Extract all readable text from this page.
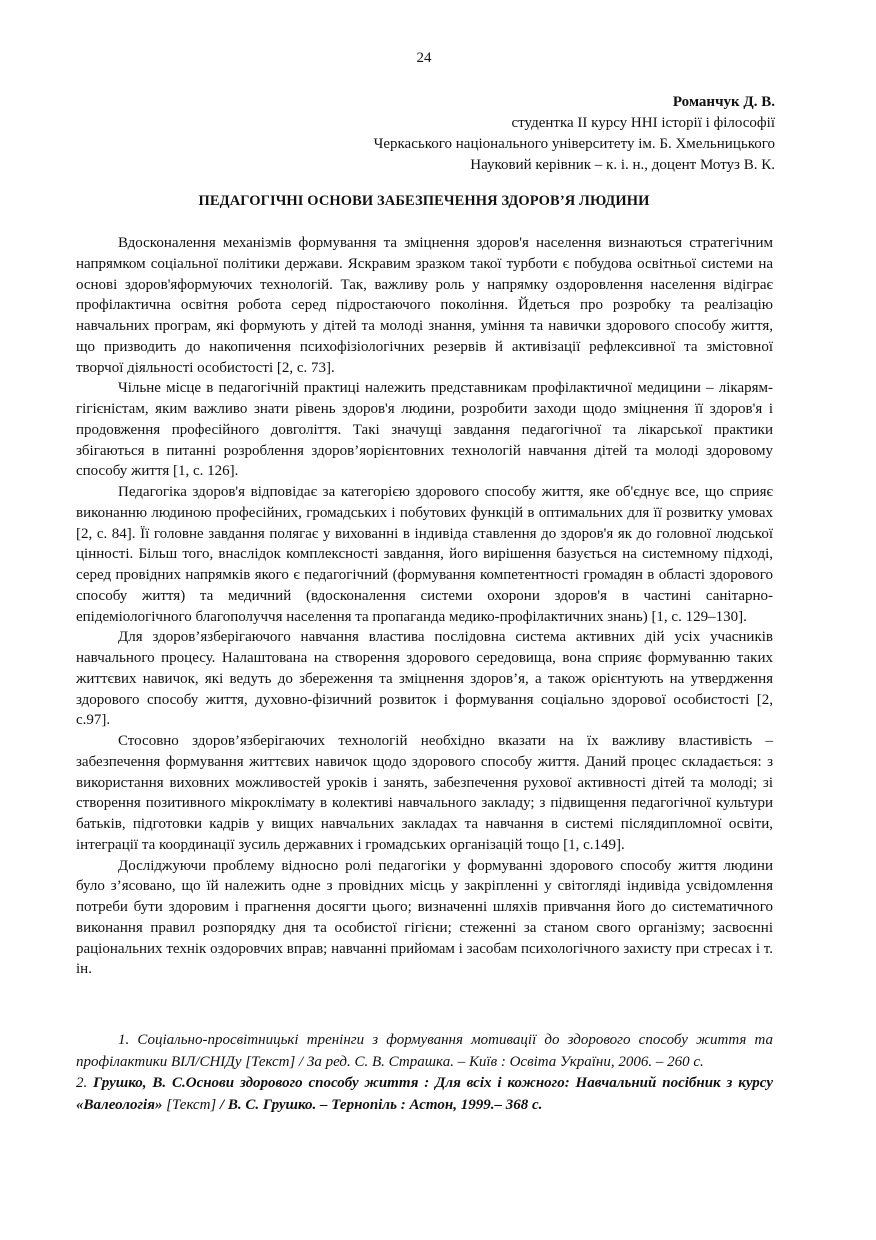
24
Романчук Д. В.
студентка ІІ курсу ННІ історії і філософії
Черкаського національного університету ім. Б. Хмельницького
Науковий керівник – к. і. н., доцент Мотуз В. К.
ПЕДАГОГІЧНІ ОСНОВИ ЗАБЕЗПЕЧЕННЯ ЗДОРОВ’Я ЛЮДИНИ

Вдосконалення механізмів формування та зміцнення здоров'я населення визнаються стратегічним напрямком соціальної політики держави. Яскравим зразком такої турботи є побудова освітньої системи на основі здоров'яформуючих технологій. Так, важливу роль у напрямку оздоровлення населення відіграє профілактична освітня робота серед підростаючого покоління. Йдеться про розробку та реалізацію навчальних програм, які формують у дітей та молоді знання, уміння та навички здорового способу життя, що призводить до накопичення психофізіологічних резервів й активізації рефлексивної та змістовної творчої діяльності особистості [2, с. 73].

Чільне місце в педагогічній практиці належить представникам профілактичної медицини – лікарям-гігієністам, яким важливо знати рівень здоров'я людини, розробити заходи щодо зміцнення її здоров'я і продовження професійного довголіття. Такі значущі завдання педагогічної та лікарської практики збігаються в питанні розроблення здоров’яорієнтовних технологій навчання дітей та молоді здоровому способу життя [1, с. 126].

Педагогіка здоров'я відповідає за категорією здорового способу життя, яке об'єднує все, що сприяє виконанню людиною професійних, громадських і побутових функцій в оптимальних для її розвитку умовах [2, с. 84]. Її головне завдання полягає у вихованні в індивіда ставлення до здоров'я як до головної людської цінності. Більш того, внаслідок комплексності завдання, його вирішення базується на системному підході, серед провідних напрямків якого є педагогічний (формування компетентності громадян в області здорового способу життя) та медичний (вдосконалення системи охорони здоров'я в частині санітарно-епідеміологічного благополуччя населення та пропаганда медико-профілактичних знань) [1, с. 129–130].

Для здоров’язберігаючого навчання властива послідовна система активних дій усіх учасників навчального процесу. Налаштована на створення здорового середовища, вона сприяє формуванню таких життєвих навичок, які ведуть до збереження та зміцнення здоров’я, а також орієнтують на утвердження здорового способу життя, духовно-фізичний розвиток і формування соціально здорової особистості [2, с.97].

Стосовно здоров’язберігаючих технологій необхідно вказати на їх важливу властивість – забезпечення формування життєвих навичок щодо здорового способу життя. Даний процес складається: з використання виховних можливостей уроків і занять, забезпечення рухової активності дітей та молоді; зі створення позитивного мікроклімату в колективі навчального закладу; з підвищення педагогічної культури батьків, підготовки кадрів у вищих навчальних закладах та навчання в системі післядипломної освіти, інтеграції та координації зусиль державних і громадських організацій тощо [1, с.149].

Досліджуючи проблему відносно ролі педагогіки у формуванні здорового способу життя людини було з’ясовано, що їй належить одне з провідних місць у закріпленні у світогляді індивіда усвідомлення потреби бути здоровим і прагнення досягти цього; визначенні шляхів привчання його до систематичного виконання правил розпорядку дня та особистої гігієни; стеженні за станом свого організму; засвоєнні раціональних технік оздоровчих вправ; навчанні прийомам і засобам психологічного захисту при стресах і т. ін.

1. Соціально-просвітницькі тренінги з формування мотивації до здорового способу життя та профілактики ВІЛ/СНІДу [Текст] / За ред. С. В. Страшка. – Київ : Освіта України, 2006. – 260 с.

2. Грушко, В. С.Основи здорового способу життя : Для всіх і кожного: Навчальний посібник з курсу «Валеологія» [Текст] / В. С. Грушко. – Тернопіль : Астон, 1999.– 368 с.
